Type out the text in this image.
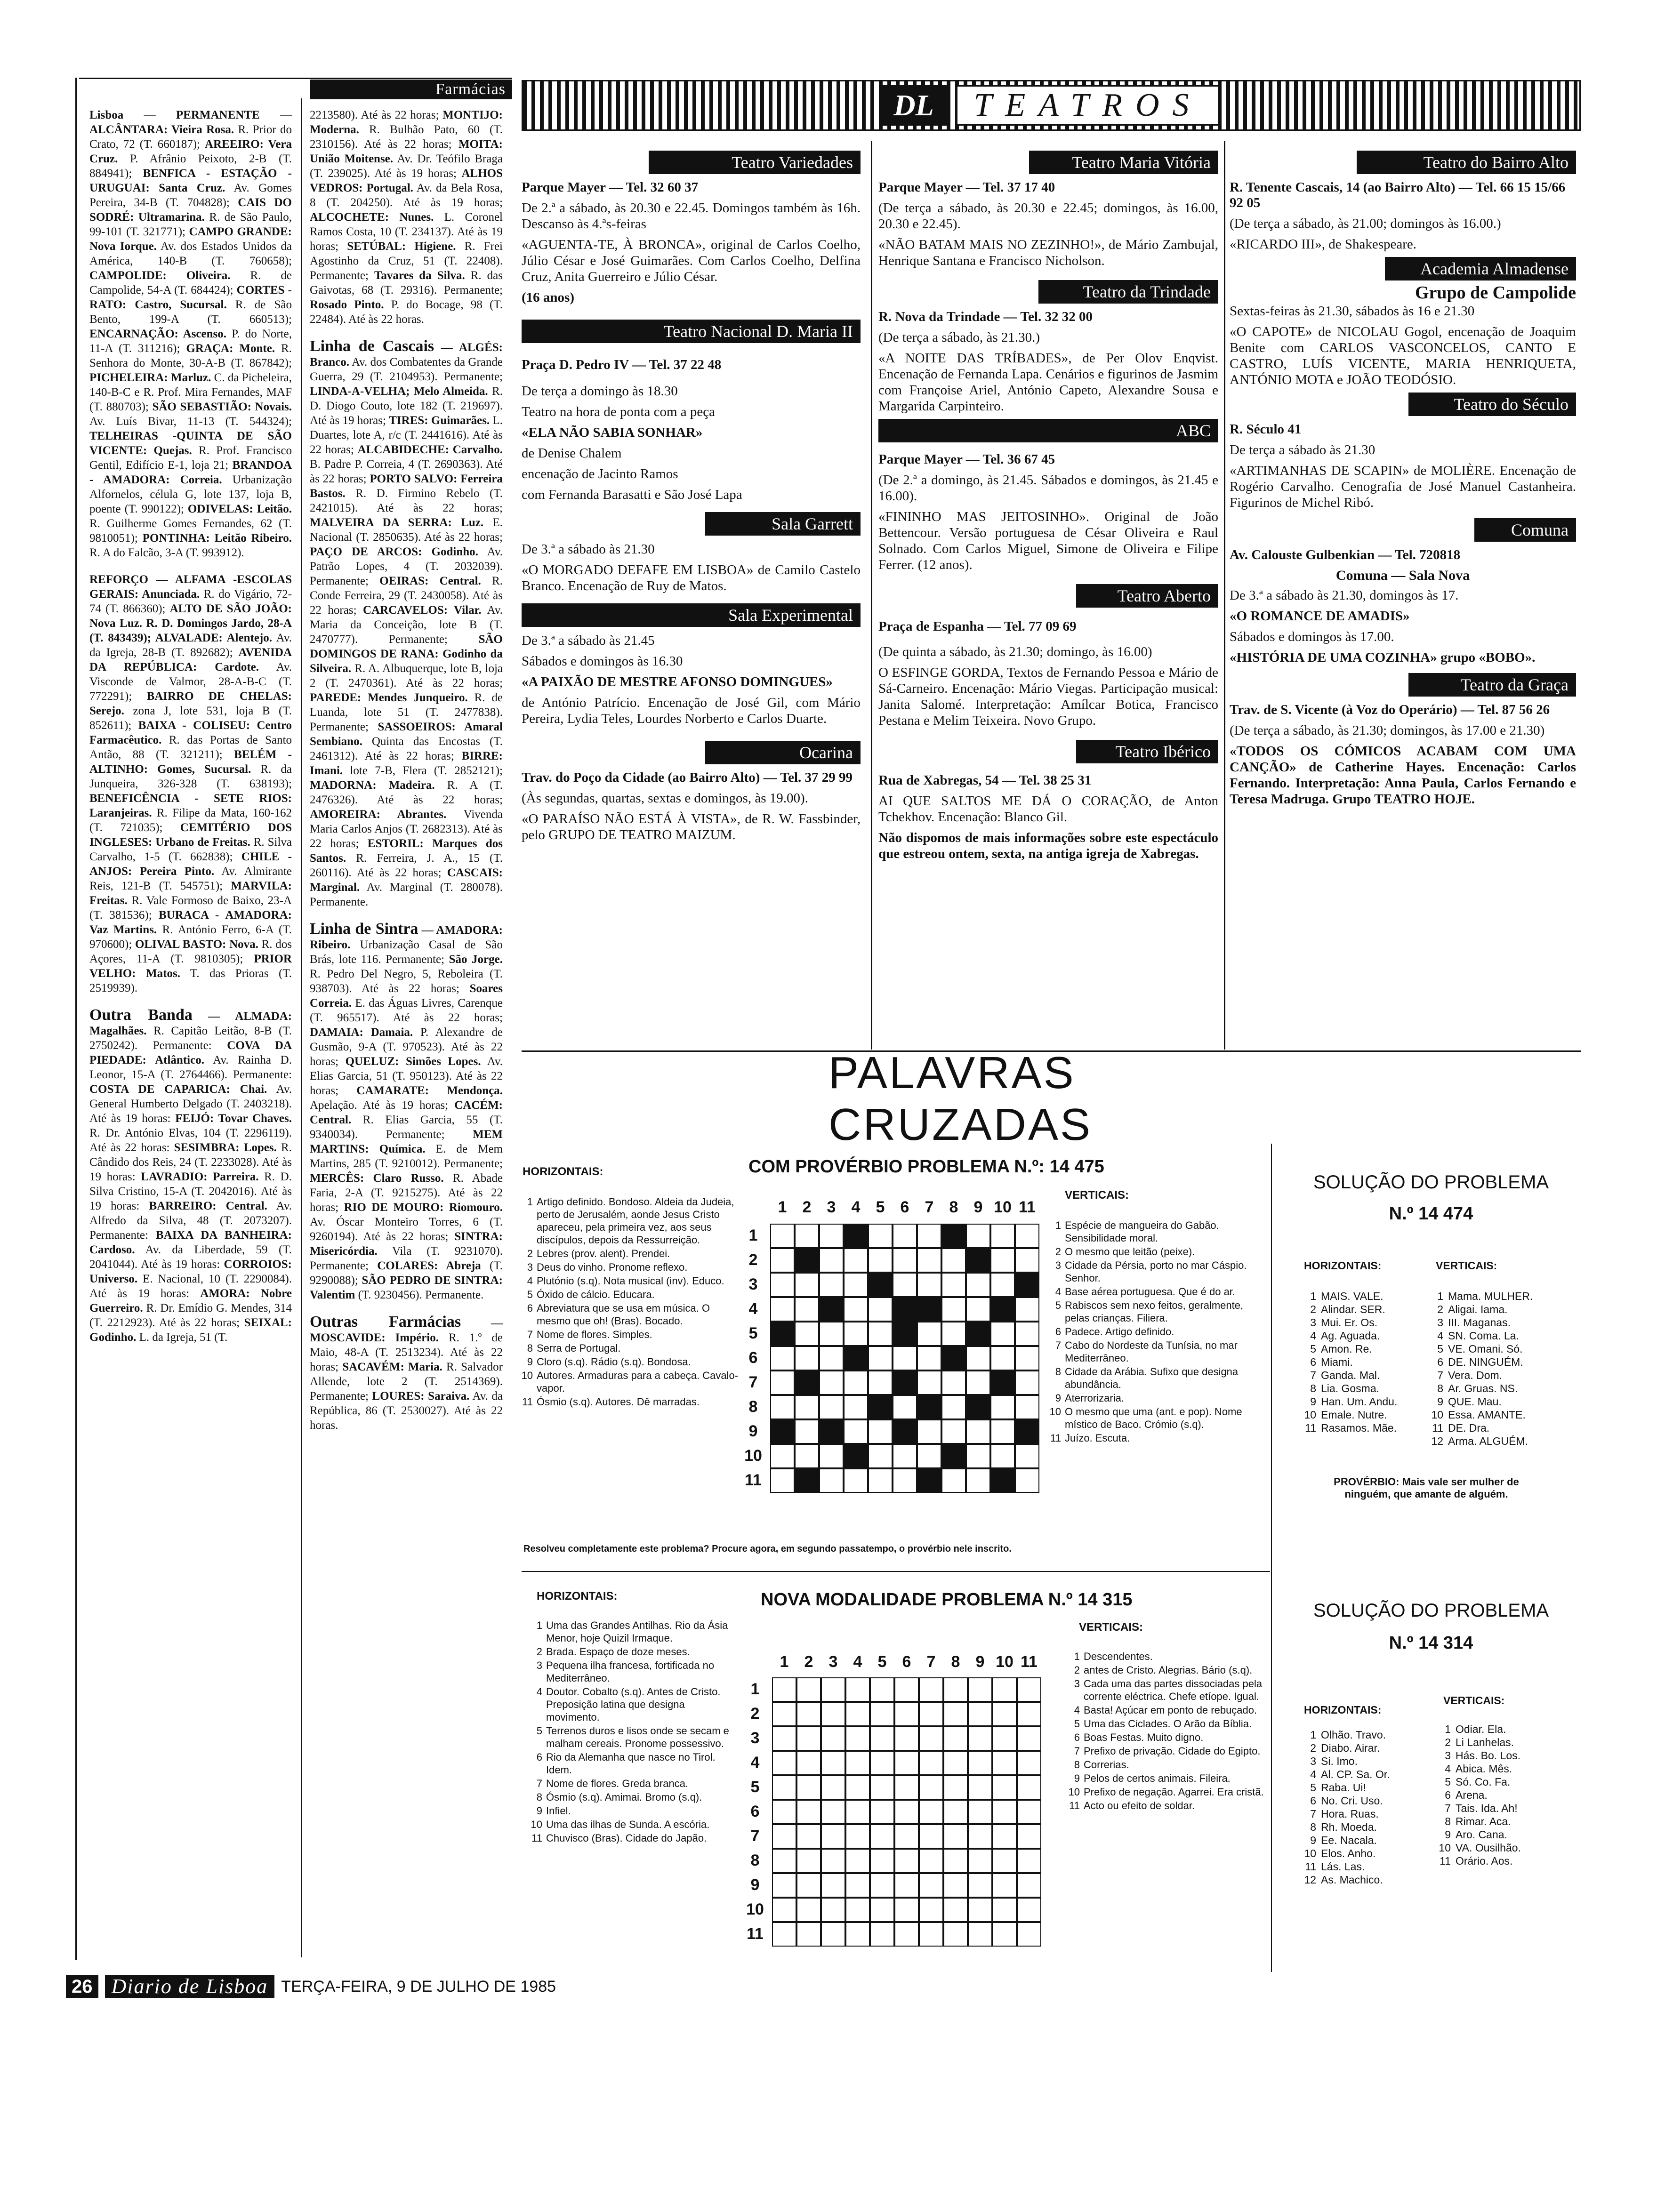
Farmácias

Lisboa — PERMANENTE — ALCÂNTARA: Vieira Rosa. R. Prior do Crato, 72 (T. 660187); AREEIRO: Vera Cruz. P. Afrânio Peixoto, 2-B (T. 884941); BENFICA - ESTAÇÃO - URUGUAI: Santa Cruz. Av. Gomes Pereira, 34-B (T. 704828); CAIS DO SODRÉ: Ultramarina. R. de São Paulo, 99-101 (T. 321771); CAMPO GRANDE: Nova Iorque. Av. dos Estados Unidos da América, 140-B (T. 760658); CAMPOLIDE: Oliveira. R. de Campolide, 54-A (T. 684424); CORTES - RATO: Castro, Sucursal. R. de São Bento, 199-A (T. 660513); ENCARNAÇÃO: Ascenso. P. do Norte, 11-A (T. 311216); GRAÇA: Monte. R. Senhora do Monte, 30-A-B (T. 867842); PICHELEIRA: Marluz. C. da Picheleira, 140-B-C e R. Prof. Mira Fernandes, MAF (T. 880703); SÃO SEBASTIÃO: Novais. Av. Luís Bivar, 11-13 (T. 544324); TELHEIRAS -QUINTA DE SÃO VICENTE: Quejas. R. Prof. Francisco Gentil, Edifício E-1, loja 21; BRANDOA - AMADORA: Correia. Urbanização Alfornelos, célula G, lote 137, loja B, poente (T. 990122); ODIVELAS: Leitão. R. Guilherme Gomes Fernandes, 62 (T. 9810051); PONTINHA: Leitão Ribeiro. R. A do Falcão, 3-A (T. 993912).

REFORÇO — ALFAMA -ESCOLAS GERAIS: Anunciada. R. do Vigário, 72-74 (T. 866360); ALTO DE SÃO JOÃO: Nova Luz. R. D. Domingos Jardo, 28-A (T. 843439); ALVALADE: Alentejo. Av. da Igreja, 28-B (T. 892682); AVENIDA DA REPÚBLICA: Cardote. Av. Visconde de Valmor, 28-A-B-C (T. 772291); BAIRRO DE CHELAS: Serejo. zona J, lote 531, loja B (T. 852611); BAIXA - COLISEU: Centro Farmacêutico. R. das Portas de Santo Antão, 88 (T. 321211); BELÉM - ALTINHO: Gomes, Sucursal. R. da Junqueira, 326-328 (T. 638193); BENEFICÊNCIA - SETE RIOS: Laranjeiras. R. Filipe da Mata, 160-162 (T. 721035); CEMITÉRIO DOS INGLESES: Urbano de Freitas. R. Silva Carvalho, 1-5 (T. 662838); CHILE - ANJOS: Pereira Pinto. Av. Almirante Reis, 121-B (T. 545751); MARVILA: Freitas. R. Vale Formoso de Baixo, 23-A (T. 381536); BURACA - AMADORA: Vaz Martins. R. António Ferro, 6-A (T. 970600); OLIVAL BASTO: Nova. R. dos Açores, 11-A (T. 9810305); PRIOR VELHO: Matos. T. das Prioras (T. 2519939).

Outra Banda — ALMADA: Magalhães. R. Capitão Leitão, 8-B (T. 2750242). Permanente: COVA DA PIEDADE: Atlântico. Av. Rainha D. Leonor, 15-A (T. 2764466). Permanente: COSTA DE CAPARICA: Chai. Av. General Humberto Delgado (T. 2403218). Até às 19 horas: FEIJÓ: Tovar Chaves. R. Dr. António Elvas, 104 (T. 2296119). Até às 22 horas: SESIMBRA: Lopes. R. Cândido dos Reis, 24 (T. 2233028). Até às 19 horas: LAVRADIO: Parreira. R. D. Silva Cristino, 15-A (T. 2042016). Até às 19 horas: BARREIRO: Central. Av. Alfredo da Silva, 48 (T. 2073207). Permanente: BAIXA DA BANHEIRA: Cardoso. Av. da Liberdade, 59 (T. 2041044). Até às 19 horas: CORROIOS: Universo. E. Nacional, 10 (T. 2290084). Até às 19 horas: AMORA: Nobre Guerreiro. R. Dr. Emídio G. Mendes, 314 (T. 2212923). Até às 22 horas; SEIXAL: Godinho. L. da Igreja, 51 (T.

2213580). Até às 22 horas; MONTIJO: Moderna. R. Bulhão Pato, 60 (T. 2310156). Até às 22 horas; MOITA: União Moitense. Av. Dr. Teófilo Braga (T. 239025). Até às 19 horas; ALHOS VEDROS: Portugal. Av. da Bela Rosa, 8 (T. 204250). Até às 19 horas; ALCOCHETE: Nunes. L. Coronel Ramos Costa, 10 (T. 234137). Até às 19 horas; SETÚBAL: Higiene. R. Frei Agostinho da Cruz, 51 (T. 22408). Permanente; Tavares da Silva. R. das Gaivotas, 68 (T. 29316). Permanente; Rosado Pinto. P. do Bocage, 98 (T. 22484). Até às 22 horas.

Linha de Cascais — ALGÉS: Branco. Av. dos Combatentes da Grande Guerra, 29 (T. 2104953). Permanente; LINDA-A-VELHA; Melo Almeida. R. D. Diogo Couto, lote 182 (T. 219697). Até às 19 horas; TIRES: Guimarães. L. Duartes, lote A, r/c (T. 2441616). Até às 22 horas; ALCABIDECHE: Carvalho. B. Padre P. Correia, 4 (T. 2690363). Até às 22 horas; PORTO SALVO: Ferreira Bastos. R. D. Firmino Rebelo (T. 2421015). Até às 22 horas; MALVEIRA DA SERRA: Luz. E. Nacional (T. 2850635). Até às 22 horas; PAÇO DE ARCOS: Godinho. Av. Patrão Lopes, 4 (T. 2032039). Permanente; OEIRAS: Central. R. Conde Ferreira, 29 (T. 2430058). Até às 22 horas; CARCAVELOS: Vilar. Av. Maria da Conceição, lote B (T. 2470777). Permanente; SÃO DOMINGOS DE RANA: Godinho da Silveira. R. A. Albuquerque, lote B, loja 2 (T. 2470361). Até às 22 horas; PAREDE: Mendes Junqueiro. R. de Luanda, lote 51 (T. 2477838). Permanente; SASSOEIROS: Amaral Sembiano. Quinta das Encostas (T. 2461312). Até às 22 horas; BIRRE: Imani. lote 7-B, Flera (T. 2852121); MADORNA: Madeira. R. A (T. 2476326). Até às 22 horas; AMOREIRA: Abrantes. Vivenda Maria Carlos Anjos (T. 2682313). Até às 22 horas; ESTORIL: Marques dos Santos. R. Ferreira, J. A., 15 (T. 260116). Até às 22 horas; CASCAIS: Marginal. Av. Marginal (T. 280078). Permanente.

Linha de Sintra — AMADORA: Ribeiro. Urbanização Casal de São Brás, lote 116. Permanente; São Jorge. R. Pedro Del Negro, 5, Reboleira (T. 938703). Até às 22 horas; Soares Correia. E. das Águas Livres, Carenque (T. 965517). Até às 22 horas; DAMAIA: Damaia. P. Alexandre de Gusmão, 9-A (T. 970523). Até às 22 horas; QUELUZ: Simões Lopes. Av. Elias Garcia, 51 (T. 950123). Até às 22 horas; CAMARATE: Mendonça. Apelação. Até às 19 horas; CACÉM: Central. R. Elias Garcia, 55 (T. 9340034). Permanente; MEM MARTINS: Química. E. de Mem Martins, 285 (T. 9210012). Permanente; MERCÊS: Claro Russo. R. Abade Faria, 2-A (T. 9215275). Até às 22 horas; RIO DE MOURO: Riomouro. Av. Óscar Monteiro Torres, 6 (T. 9260194). Até às 22 horas; SINTRA: Misericórdia. Vila (T. 9231070). Permanente; COLARES: Abreja (T. 9290088); SÃO PEDRO DE SINTRA: Valentim (T. 9230456). Permanente.

Outras Farmácias	— MOSCAVIDE: Império. R. 1.º de Maio, 48-A (T. 2513234). Até às 22 horas; SACAVÉM: Maria. R. Salvador Allende, lote 2 (T. 2514369). Permanente; LOURES: Saraiva. Av. da República, 86 (T. 2530027). Até às 22 horas.

DL	TEATROS
Teatro Variedades
Parque Mayer — Tel. 32 60 37

De 2.ª a sábado, às 20.30 e 22.45. Domingos também às 16h. Descanso às 4.ªs-feiras

«AGUENTA-TE, À BRONCA», original de Carlos Coelho, Júlio César e José Guimarães. Com Carlos Coelho, Delfina Cruz, Anita Guerreiro e Júlio César.

(16 anos)

Teatro Nacional D. Maria II
Praça D. Pedro IV — Tel. 37 22 48

De terça a domingo às 18.30

Teatro na hora de ponta com a peça

«ELA NÃO SABIA SONHAR»

de Denise Chalem

encenação de Jacinto Ramos

com Fernanda Barasatti e São José Lapa

Sala Garrett

De 3.ª a sábado às 21.30

«O MORGADO DEFAFE EM LISBOA» de Camilo Castelo Branco. Encenação de Ruy de Matos.

Sala Experimental

De 3.ª a sábado às 21.45

Sábados e domingos às 16.30

«A PAIXÃO DE MESTRE AFONSO DOMINGUES»

de António Patrício. Encenação de José Gil, com Mário Pereira, Lydia Teles, Lourdes Norberto e Carlos Duarte.

Ocarina
Trav. do Poço da Cidade (ao Bairro Alto) — Tel. 37 29 99

(Às segundas, quartas, sextas e domingos, às 19.00).

«O PARAÍSO NÃO ESTÁ À VISTA», de R. W. Fassbinder, pelo GRUPO DE TEATRO MAIZUM.

Teatro Maria Vitória
Parque Mayer — Tel. 37 17 40

(De terça a sábado, às 20.30 e 22.45; domingos, às 16.00, 20.30 e 22.45).

«NÃO BATAM MAIS NO ZEZINHO!», de Mário Zambujal, Henrique Santana e Francisco Nicholson.

Teatro da Trindade
R. Nova da Trindade — Tel. 32 32 00

(De terça a sábado, às 21.30.)

«A NOITE DAS TRÍBADES», de Per Olov Enqvist. Encenação de Fernanda Lapa. Cenários e figurinos de Jasmim com Françoise Ariel, António Capeto, Alexandre Sousa e Margarida Carpinteiro.

ABC
Parque Mayer — Tel. 36 67 45

(De 2.ª a domingo, às 21.45. Sábados e domingos, às 21.45 e 16.00).

«FININHO MAS JEITOSINHO». Original de João Bettencour. Versão portuguesa de César Oliveira e Raul Solnado. Com Carlos Miguel, Simone de Oliveira e Filipe Ferrer. (12 anos).

Teatro Aberto
Praça de Espanha — Tel. 77 09 69

(De quinta a sábado, às 21.30; domingo, às 16.00)

O ESFINGE GORDA, Textos de Fernando Pessoa e Mário de Sá-Carneiro. Encenação: Mário Viegas. Participação musical: Janita Salomé. Interpretação: Amílcar Botica, Francisco Pestana e Melim Teixeira. Novo Grupo.

Teatro Ibérico
Rua de Xabregas, 54 — Tel. 38 25 31

AI QUE SALTOS ME DÁ O CORAÇÃO, de Anton Tchekhov. Encenação: Blanco Gil.

Não dispomos de mais informações sobre este espectáculo que estreou ontem, sexta, na antiga igreja de Xabregas.

Teatro do Bairro Alto
R. Tenente Cascais, 14 (ao Bairro Alto) — Tel. 66 15 15/66 92 05

(De terça a sábado, às 21.00; domingos às 16.00.)

«RICARDO III», de Shakespeare.

Academia Almadense
Grupo de Campolide

Sextas-feiras às 21.30, sábados às 16 e 21.30

«O CAPOTE» de NICOLAU Gogol, encenação de Joaquim Benite com CARLOS VASCONCELOS, CANTO E CASTRO, LUÍS VICENTE, MARIA HENRIQUETA, ANTÓNIO MOTA e JOÃO TEODÓSIO.

Teatro do Século
R. Século 41

De terça a sábado às 21.30

«ARTIMANHAS DE SCAPIN» de MOLIÈRE. Encenação de Rogério Carvalho. Cenografia de José Manuel Castanheira. Figurinos de Michel Ribó.

Comuna
Av. Calouste Gulbenkian — Tel. 720818
Comuna — Sala Nova

De 3.ª a sábado às 21.30, domingos às 17.

«O ROMANCE DE AMADIS»

Sábados e domingos às 17.00.

«HISTÓRIA DE UMA COZINHA» grupo «BOBO».

Teatro da Graça
Trav. de S. Vicente (à Voz do Operário) — Tel. 87 56 26

(De terça a sábado, às 21.30; domingos, às 17.00 e 21.30)

«TODOS OS CÓMICOS ACABAM COM UMA CANÇÃO» de Catherine Hayes. Encenação: Carlos Fernando. Interpretação: Anna Paula, Carlos Fernando e Teresa Madruga. Grupo TEATRO HOJE.

PALAVRAS CRUZADAS
COM PROVÉRBIO PROBLEMA N.º: 14 475
HORIZONTAIS:
1 Artigo definido. Bondoso. Aldeia da Judeia, perto de Jerusalém, aonde Jesus Cristo apareceu, pela primeira vez, aos seus discípulos, depois da Ressurreição.
2 Lebres (prov. alent). Prendei.
3 Deus do vinho. Pronome reflexo.
4 Plutónio (s.q). Nota musical (inv). Educo.
5 Óxido de cálcio. Educara.
6 Abreviatura que se usa em música. O mesmo que oh! (Bras). Bocado.
7 Nome de flores. Simples.
8 Serra de Portugal.
9 Cloro (s.q). Rádio (s.q). Bondosa.
10 Autores. Armaduras para a cabeça. Cavalo-vapor.
11 Ósmio (s.q). Autores. Dê marradas.
VERTICAIS:
1 Espécie de mangueira do Gabão. Sensibilidade moral.
2 O mesmo que leitão (peixe).
3 Cidade da Pérsia, porto no mar Cáspio. Senhor.
4 Base aérea portuguesa. Que é do ar.
5 Rabiscos sem nexo feitos, geralmente, pelas crianças. Filiera.
6 Padece. Artigo definido.
7 Cabo do Nordeste da Tunísia, no mar Mediterrâneo.
8 Cidade da Arábia. Sufixo que designa abundância.
9 Aterrorizaria.
10 O mesmo que uma (ant. e pop). Nome místico de Baco. Crómio (s.q).
11 Juízo. Escuta.
1 2 3 4 5 6 7 8 9 10 11
1
2
3
4
5
6
7
8
9
10
11
Resolveu completamente este problema? Procure agora, em segundo passatempo, o provérbio nele inscrito.
SOLUÇÃO DO PROBLEMA
N.º 14 474
HORIZONTAIS:	VERTICAIS:
1 MAIS. VALE.
2 Alindar. SER.
3 Mui. Er. Os.
4 Ag. Aguada.
5 Amon. Re.
6 Miami.
7 Ganda. Mal.
8 Lia. Gosma.
9 Han. Um. Andu.
10 Emale. Nutre.
11 Rasamos. Mãe.
1 Mama. MULHER.
2 Aligai. Iama.
3 III. Maganas.
4 SN. Coma. La.
5 VE. Omani. Só.
6 DE. NINGUÉM.
7 Vera. Dom.
8 Ar. Gruas. NS.
9 QUE. Mau.
10 Essa. AMANTE.
11 DE. Dra.
12 Arma. ALGUÉM.
PROVÉRBIO: Mais vale ser mulher de ninguém, que amante de alguém.
NOVA MODALIDADE PROBLEMA N.º 14 315
HORIZONTAIS:
1 Uma das Grandes Antilhas. Rio da Ásia Menor, hoje Quizil Irmaque.
2 Brada. Espaço de doze meses.
3 Pequena ilha francesa, fortificada no Mediterrâneo.
4 Doutor. Cobalto (s.q). Antes de Cristo. Preposição latina que designa movimento.
5 Terrenos duros e lisos onde se secam e malham cereais. Pronome possessivo.
6 Rio da Alemanha que nasce no Tirol. Idem.
7 Nome de flores. Greda branca.
8 Ósmio (s.q). Amimai. Bromo (s.q).
9 Infiel.
10 Uma das ilhas de Sunda. A escória.
11 Chuvisco (Bras). Cidade do Japão.
VERTICAIS:
1 Descendentes.
2 antes de Cristo. Alegrias. Bário (s.q).
3 Cada uma das partes dissociadas pela corrente eléctrica. Chefe etíope. Igual.
4 Basta! Açúcar em ponto de rebuçado.
5 Uma das Ciclades. O Arão da Bíblia.
6 Boas Festas. Muito digno.
7 Prefixo de privação. Cidade do Egipto.
8 Correrias.
9 Pelos de certos animais. Fileira.
10 Prefixo de negação. Agarrei. Era cristã.
11 Acto ou efeito de soldar.
1 2 3 4 5 6 7 8 9 10 11
1
2
3
4
5
6
7
8
9
10
11
SOLUÇÃO DO PROBLEMA
N.º 14 314
HORIZONTAIS:
VERTICAIS:
1 Olhão. Travo.
2 Diabo. Airar.
3 Si. Imo.
4 Al. CP. Sa. Or.
5 Raba. Ui!
6 No. Cri. Uso.
7 Hora. Ruas.
8 Rh. Moeda.
9 Ee. Nacala.
10 Elos. Anho.
11 Lás. Las.
12 As. Machico.
1 Odiar. Ela.
2 Li Lanhelas.
3 Hás. Bo. Los.
4 Abica. Mês.
5 Só. Co. Fa.
6 Arena.
7 Tais. Ida. Ah!
8 Rimar. Aca.
9 Aro. Cana.
10 VA. Ousilhão.
11 Orário. Aos.
26 Diario de Lisboa TERÇA-FEIRA, 9 DE JULHO DE 1985
